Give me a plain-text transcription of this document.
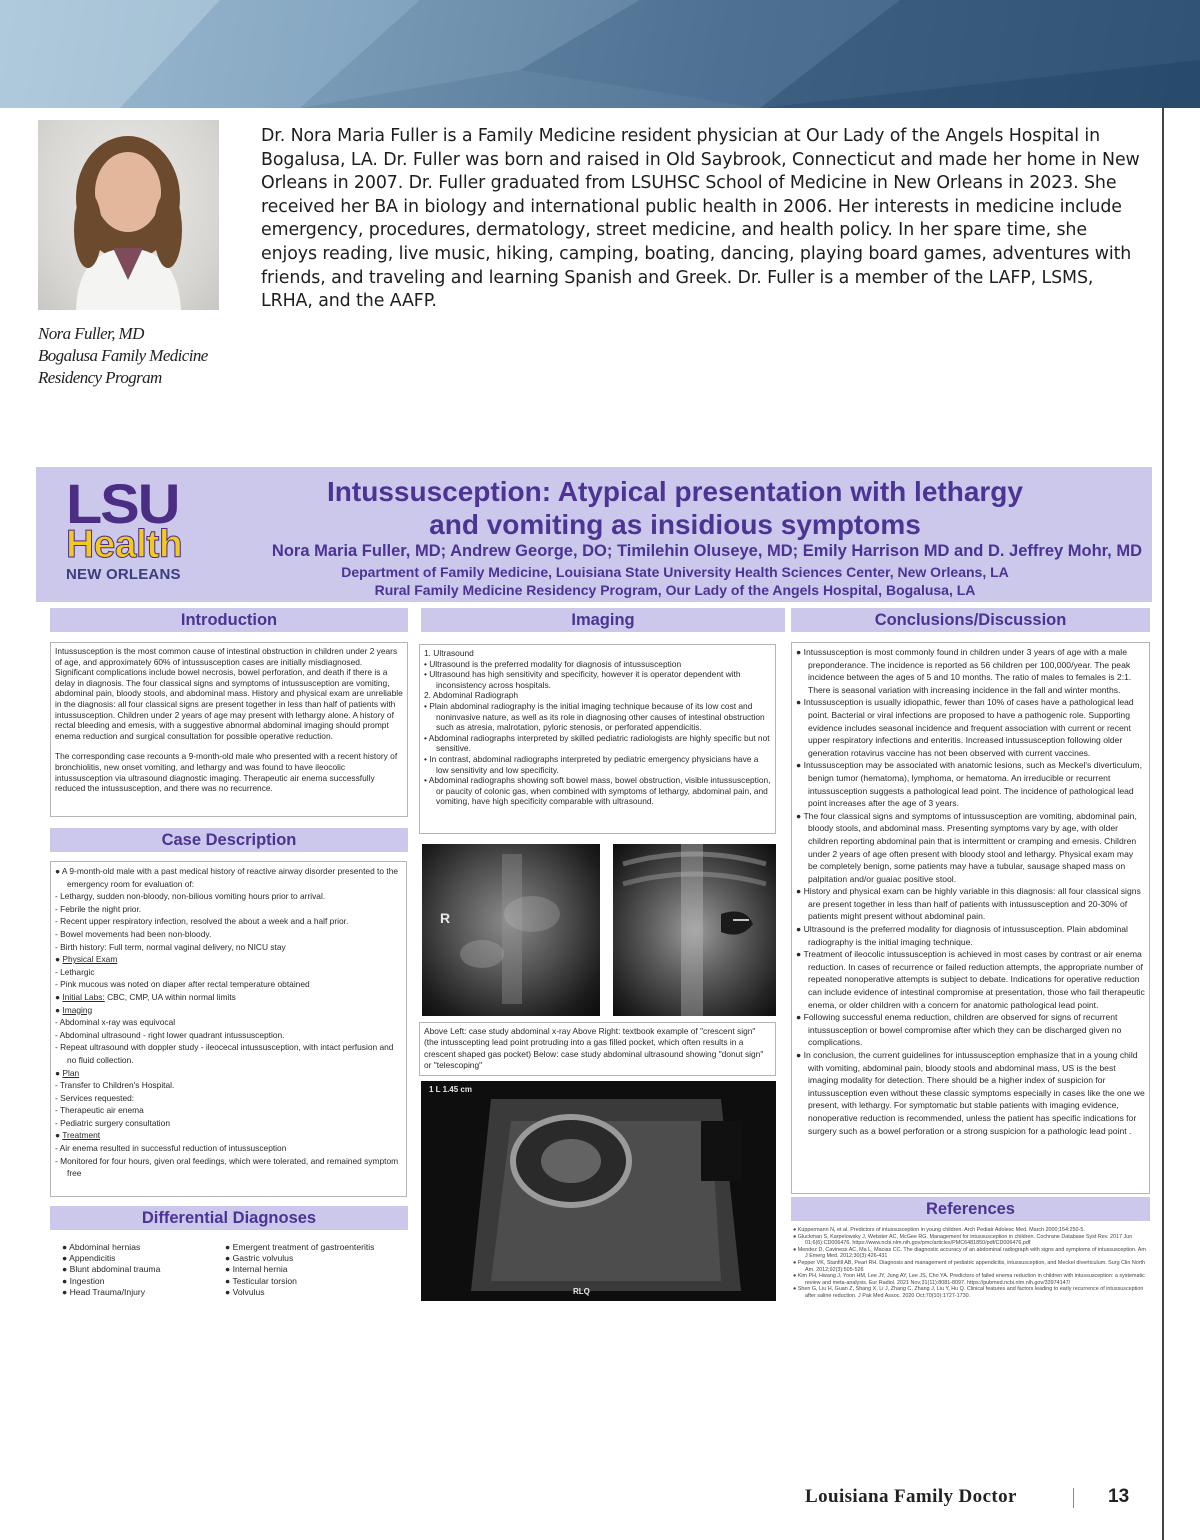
Nora Fuller, MD
Bogalusa Family Medicine
Residency Program
Dr. Nora Maria Fuller is a Family Medicine resident physician at Our Lady of the Angels Hospital in Bogalusa, LA. Dr. Fuller was born and raised in Old Saybrook, Connecticut and made her home in New Orleans in 2007. Dr. Fuller graduated from LSUHSC School of Medicine in New Orleans in 2023. She received her BA in biology and international public health in 2006. Her interests in medicine include emergency, procedures, dermatology, street medicine, and health policy. In her spare time, she enjoys reading, live music, hiking, camping, boating, dancing, playing board games, adventures with friends, and traveling and learning Spanish and Greek. Dr. Fuller is a member of the LAFP, LSMS, LRHA, and the AAFP.
LSU
Health
NEW ORLEANS
Intussusception: Atypical presentation with lethargy
and vomiting as insidious symptoms
Nora Maria Fuller, MD; Andrew George, DO; Timilehin Oluseye, MD; Emily Harrison MD and D. Jeffrey Mohr, MD
Department of Family Medicine, Louisiana State University Health Sciences Center, New Orleans, LA
Rural Family Medicine Residency Program, Our Lady of the Angels Hospital, Bogalusa, LA
Introduction	Imaging	Conclusions/Discussion
Case Description
Differential Diagnoses	References

Intussusception is the most common cause of intestinal obstruction in children under 2 years of age, and approximately 60% of intussusception cases are initially misdiagnosed. Significant complications include bowel necrosis, bowel perforation, and death if there is a delay in diagnosis. The four classical signs and symptoms of intussusception are vomiting, abdominal pain, bloody stools, and abdominal mass. History and physical exam are unreliable in the diagnosis: all four classical signs are present together in less than half of patients with intussusception. Children under 2 years of age may present with lethargy alone. A history of rectal bleeding and emesis, with a suggestive abnormal abdominal imaging should prompt enema reduction and surgical consultation for possible operative reduction.

The corresponding case recounts a 9-month-old male who presented with a recent history of bronchiolitis, new onset vomiting, and lethargy and was found to have ileocolic intussusception via ultrasound diagnostic imaging. Therapeutic air enema successfully reduced the intussusception, and there was no recurrence.

1. Ultrasound
• Ultrasound is the preferred modality for diagnosis of intussusception
• Ultrasound has high sensitivity and specificity, however it is operator dependent with inconsistency across hospitals.
2. Abdominal Radiograph
• Plain abdominal radiography is the initial imaging technique because of its low cost and noninvasive nature, as well as its role in diagnosing other causes of intestinal obstruction such as atresia, malrotation, pyloric stenosis, or perforated appendicitis.
• Abdominal radiographs interpreted by skilled pediatric radiologists are highly specific but not sensitive.
• In contrast, abdominal radiographs interpreted by pediatric emergency physicians have a low sensitivity and low specificity.
• Abdominal radiographs showing soft bowel mass, bowel obstruction, visible intussusception, or paucity of colonic gas, when combined with symptoms of lethargy, abdominal pain, and vomiting, have high specificity comparable with ultrasound.
R
Above Left: case study abdominal x-ray Above Right: textbook example of "crescent sign" (the intusscepting lead point protruding into a gas filled pocket, which often results in a crescent shaped gas pocket) Below: case study abdominal ultrasound showing "donut sign" or "telescoping"
1 L 1.45 cm
RLQ
● A 9-month-old male with a past medical history of reactive airway disorder presented to the emergency room for evaluation of:
- Lethargy, sudden non-bloody, non-bilious vomiting hours prior to arrival.
- Febrile the night prior.
- Recent upper respiratory infection, resolved the about a week and a half prior.
- Bowel movements had been non-bloody.
- Birth history: Full term, normal vaginal delivery, no NICU stay
● Physical Exam
- Lethargic
- Pink mucous was noted on diaper after rectal temperature obtained
● Initial Labs: CBC, CMP, UA within normal limits
● Imaging
- Abdominal x-ray was equivocal
- Abdominal ultrasound - right lower quadrant intussusception.
- Repeat ultrasound with doppler study - ileocecal intussusception, with intact perfusion and no fluid collection.
● Plan
- Transfer to Children's Hospital.
- Services requested:
- Therapeutic air enema
- Pediatric surgery consultation
● Treatment
- Air enema resulted in successful reduction of intussusception
- Monitored for four hours, given oral feedings, which were tolerated, and remained symptom free
● Abdominal hernias
● Appendicitis
● Blunt abdominal trauma
● Ingestion
● Head Trauma/Injury
● Emergent treatment of gastroenteritis
● Gastric volvulus
● Internal hernia
● Testicular torsion
● Volvulus
● Intussusception is most commonly found in children under 3 years of age with a male preponderance. The incidence is reported as 56 children per 100,000/year. The peak incidence between the ages of 5 and 10 months. The ratio of males to females is 2:1. There is seasonal variation with increasing incidence in the fall and winter months.
● Intussusception is usually idiopathic, fewer than 10% of cases have a pathological lead point. Bacterial or viral infections are proposed to have a pathogenic role. Supporting evidence includes seasonal incidence and frequent association with current or recent upper respiratory infections and enteritis. Increased intussusception following older generation rotavirus vaccine has not been observed with current vaccines.
● Intussusception may be associated with anatomic lesions, such as Meckel's diverticulum, benign tumor (hematoma), lymphoma, or hematoma. An irreducible or recurrent intussusception suggests a pathological lead point. The incidence of pathological lead point increases after the age of 3 years.
● The four classical signs and symptoms of intussusception are vomiting, abdominal pain, bloody stools, and abdominal mass. Presenting symptoms vary by age, with older children reporting abdominal pain that is intermittent or cramping and emesis. Children under 2 years of age often present with bloody stool and lethargy. Physical exam may be completely benign, some patients may have a tubular, sausage shaped mass on palpitation and/or guaiac positive stool.
● History and physical exam can be highly variable in this diagnosis: all four classical signs are present together in less than half of patients with intussusception and 20-30% of patients might present without abdominal pain.
● Ultrasound is the preferred modality for diagnosis of intussusception. Plain abdominal radiography is the initial imaging technique.
● Treatment of ileocolic intussusception is achieved in most cases by contrast or air enema reduction. In cases of recurrence or failed reduction attempts, the appropriate number of repeated nonoperative attempts is subject to debate. Indications for operative reduction can include evidence of intestinal compromise at presentation, those who fail therapeutic enema, or older children with a concern for anatomic pathological lead point.
● Following successful enema reduction, children are observed for signs of recurrent intussusception or bowel compromise after which they can be discharged given no complications.
● In conclusion, the current guidelines for intussusception emphasize that in a young child with vomiting, abdominal pain, bloody stools and abdominal mass, US is the best imaging modality for detection. There should be a higher index of suspicion for intussusception even without these classic symptoms especially in cases like the one we present, with lethargy. For symptomatic but stable patients with imaging evidence, nonoperative reduction is recommended, unless the patient has specific indications for surgery such as a bowel perforation or a strong suspicion for a pathologic lead point .
● Kuppermann N, et al. Predictors of intussusception in young children. Arch Pediatr Adolesc Med. March 2000;154:250-5.
● Gluckman S, Karpelowsky J, Webster AC, McGee RG. Management for intussusception in children. Cochrane Database Syst Rev. 2017 Jun 01;6(6):CD006476. https://www.ncbi.nlm.nih.gov/pmc/articles/PMC6481850/pdf/CD006476.pdf
● Mendez D, Caviness AC, Ma L, Macias CC. The diagnostic accuracy of an abdominal radiograph with signs and symptoms of intussusception. Am J Emerg Med. 2012;30(3):426-431
● Pepper VK, Stanfill AB, Pearl RH. Diagnosis and management of pediatric appendicitis, intussusception, and Meckel diverticulum. Surg Clin North Am. 2012;92(3):505-526
● Kim PH, Hwang J, Yoon HM, Lee JY, Jung AY, Lee JS, Cho YA. Predictors of failed enema reduction in children with intussusception: a systematic review and meta-analysis. Eur Radiol. 2021 Nov;31(11):8081-8097. https://pubmed.ncbi.nlm.nih.gov/33974147/
● Shen G, Liu H, Guan Z, Shang X, Li J, Zhang C, Zhang J, Liu Y, Hu Q. Clinical features and factors leading to early recurrence of intussusception after saline reduction. J Pak Med Assoc. 2020 Oct;70(10):1727-1730.
Louisiana Family Doctor	13
